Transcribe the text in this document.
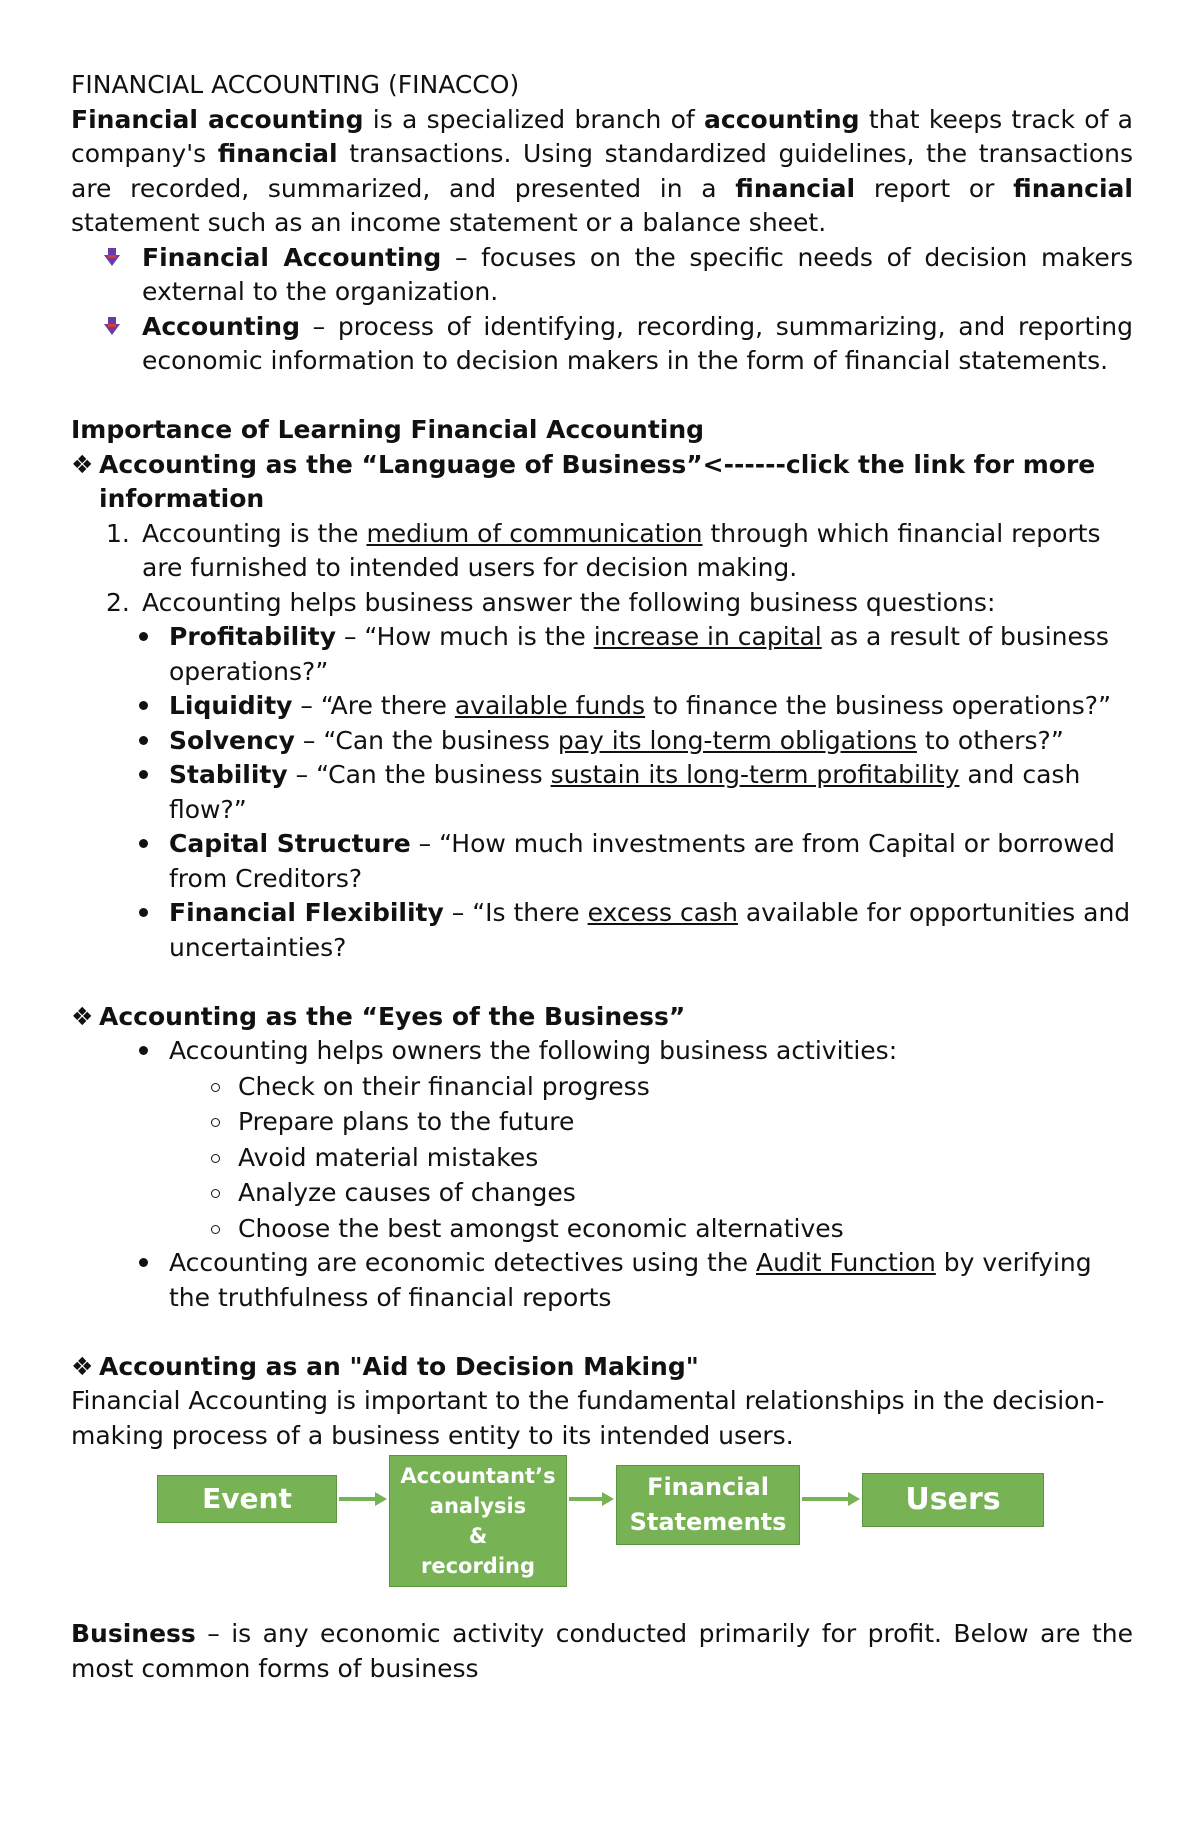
FINANCIAL ACCOUNTING (FINACCO)

Financial accounting is a specialized branch of accounting that keeps track of a company's financial transactions. Using standardized guidelines, the transactions are recorded, summarized, and presented in a financial report or financial statement such as an income statement or a balance sheet.

Financial Accounting – focuses on the specific needs of decision makers external to the organization.
Accounting – process of identifying, recording, summarizing, and reporting economic information to decision makers in the form of financial statements.

Importance of Learning Financial Accounting

❖ Accounting as the “Language of Business”<------click the link for more information
1. Accounting is the medium of communication through which financial reports are furnished to intended users for decision making.
2. Accounting helps business answer the following business questions:
Profitability – “How much is the increase in capital as a result of business operations?”
Liquidity – “Are there available funds to finance the business operations?”
Solvency – “Can the business pay its long-term obligations to others?”
Stability – “Can the business sustain its long-term profitability and cash flow?”
Capital Structure – “How much investments are from Capital or borrowed from Creditors?
Financial Flexibility – “Is there excess cash available for opportunities and uncertainties?
❖ Accounting as the “Eyes of the Business”
Accounting helps owners the following business activities:
Check on their financial progress
Prepare plans to the future
Avoid material mistakes
Analyze causes of changes
Choose the best amongst economic alternatives
Accounting are economic detectives using the Audit Function by verifying the truthfulness of financial reports
❖ Accounting as an "Aid to Decision Making"

Financial Accounting is important to the fundamental relationships in the decision-making process of a business entity to its intended users.

Event
Accountant’s
analysis
&
recording
Financial
Statements
Users

Business – is any economic activity conducted primarily for profit. Below are the most common forms of business
